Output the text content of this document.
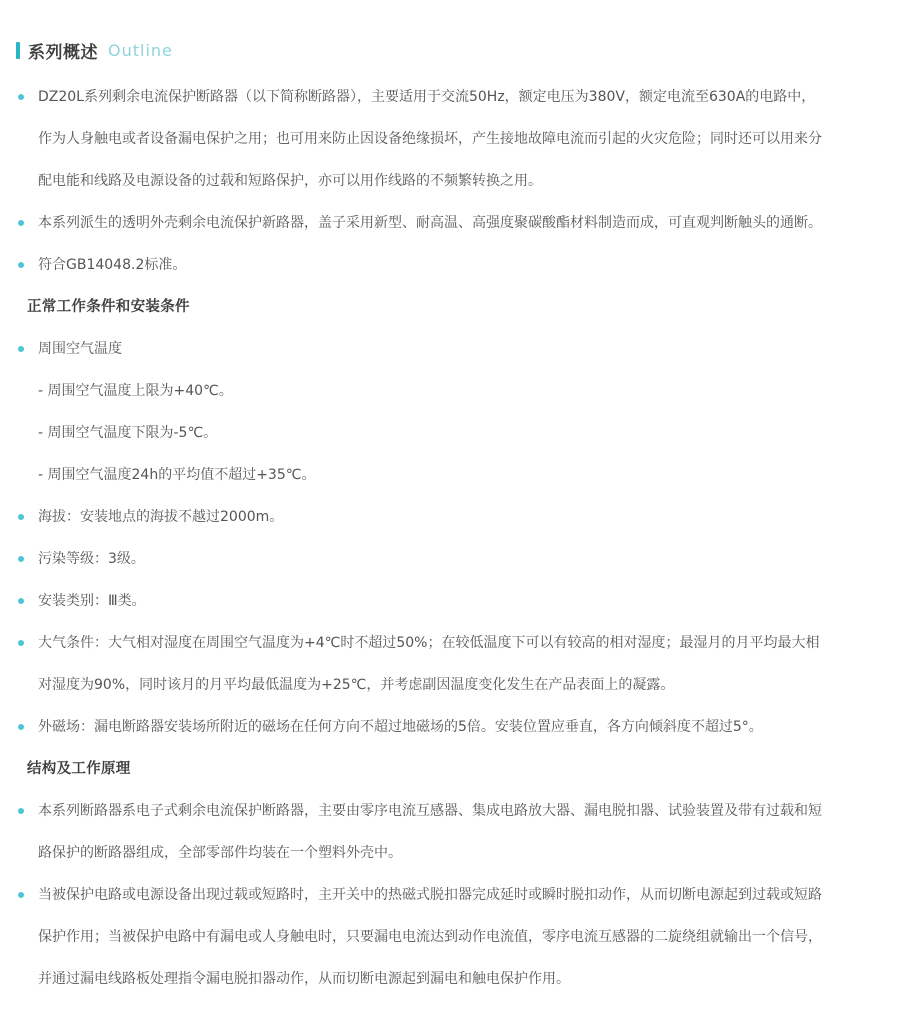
系列概述 Outline

DZ20L系列剩余电流保护断路器（以下简称断路器），主要适用于交流50Hz，额定电压为380V，额定电流至630A的电路中，作为人身触电或者设备漏电保护之用；也可用来防止因设备绝缘损坏，产生接地故障电流而引起的火灾危险；同时还可以用来分配电能和线路及电源设备的过载和短路保护，亦可以用作线路的不频繁转换之用。

本系列派生的透明外壳剩余电流保护新路器，盖子采用新型、耐高温、高强度聚碳酸酯材料制造而成，可直观判断触头的通断。

符合GB14048.2标准。

正常工作条件和安装条件

周围空气温度

- 周围空气温度上限为+40℃。

- 周围空气温度下限为-5℃。

- 周围空气温度24h的平均值不超过+35℃。

海拔：安装地点的海拔不越过2000m。

污染等级：3级。

安装类别：Ⅲ类。

大气条件：大气相对湿度在周围空气温度为+4℃时不超过50%；在较低温度下可以有较高的相对湿度；最湿月的月平均最大相对湿度为90%，同时该月的月平均最低温度为+25℃，并考虑副因温度变化发生在产品表面上的凝露。

外磁场：漏电断路器安装场所附近的磁场在任何方向不超过地磁场的5倍。安装位置应垂直，各方向倾斜度不超过5°。

结构及工作原理

本系列断路器系电子式剩余电流保护断路器，主要由零序电流互感器、集成电路放大器、漏电脱扣器、试验装置及带有过载和短路保护的断路器组成，全部零部件均装在一个塑料外壳中。

当被保护电路或电源设备出现过载或短路时，主开关中的热磁式脱扣器完成延时或瞬时脱扣动作，从而切断电源起到过载或短路保护作用；当被保护电路中有漏电或人身触电时，只要漏电电流达到动作电流值，零序电流互感器的二旋绕组就输出一个信号，并通过漏电线路板处理指令漏电脱扣器动作，从而切断电源起到漏电和触电保护作用。
